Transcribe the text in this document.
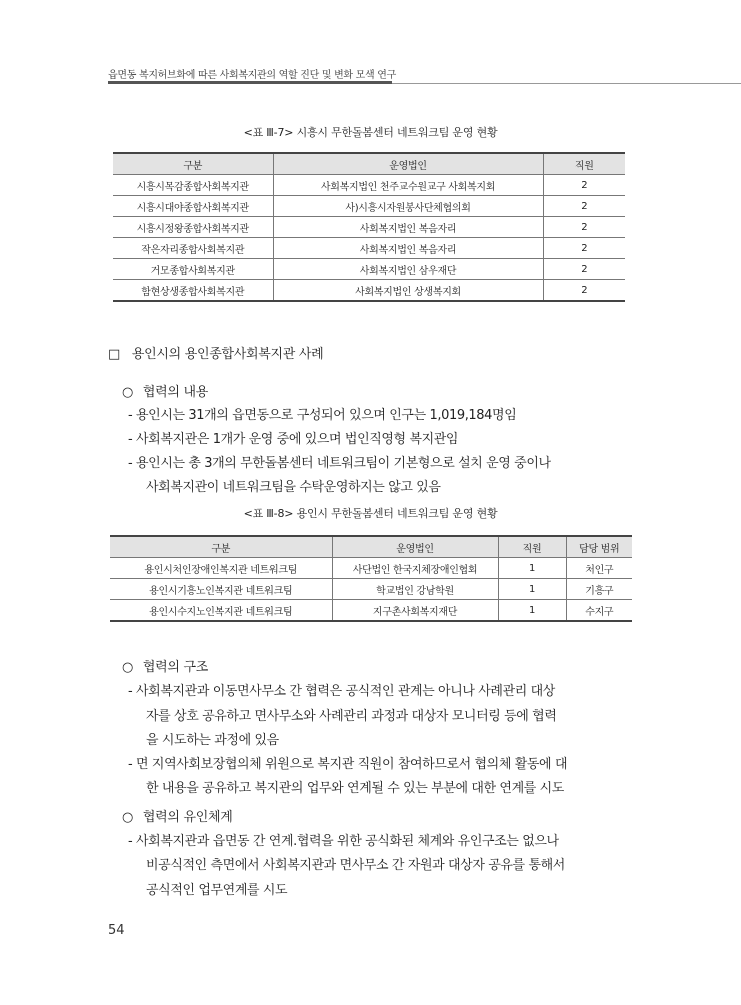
읍면동 복지허브화에 따른 사회복지관의 역할 진단 및 변화 모색 연구
<표 Ⅲ-7> 시흥시 무한돌봄센터 네트워크팀 운영 현황
구분	운영법인	직원
시흥시목감종합사회복지관	사회복지법인 천주교수원교구 사회복지회	2
시흥시대야종합사회복지관	사)시흥시자원봉사단체협의회	2
시흥시정왕종합사회복지관	사회복지법인 복음자리	2
작은자리종합사회복지관	사회복지법인 복음자리	2
거모종합사회복지관	사회복지법인 삼우재단	2
함현상생종합사회복지관	사회복지법인 상생복지회	2
□ 용인시의 용인종합사회복지관 사례
○ 협력의 내용
- 용인시는 31개의 읍면동으로 구성되어 있으며 인구는 1,019,184명임
- 사회복지관은 1개가 운영 중에 있으며 법인직영형 복지관임
- 용인시는 총 3개의 무한돌봄센터 네트워크팀이 기본형으로 설치 운영 중이나
사회복지관이 네트워크팀을 수탁운영하지는 않고 있음
<표 Ⅲ-8> 용인시 무한돌봄센터 네트워크팀 운영 현황
구분	운영법인	직원	담당 범위
용인시처인장애인복지관 네트워크팀	사단법인 한국지체장애인협회	1	처인구
용인시기흥노인복지관 네트워크팀	학교법인 강남학원	1	기흥구
용인시수지노인복지관 네트워크팀	지구촌사회복지재단	1	수지구
○ 협력의 구조
- 사회복지관과 이동면사무소 간 협력은 공식적인 관계는 아니나 사례관리 대상
자를 상호 공유하고 면사무소와 사례관리 과정과 대상자 모니터링 등에 협력
을 시도하는 과정에 있음
- 면 지역사회보장협의체 위원으로 복지관 직원이 참여하므로서 협의체 활동에 대
한 내용을 공유하고 복지관의 업무와 연계될 수 있는 부분에 대한 연계를 시도
○ 협력의 유인체계
- 사회복지관과 읍면동 간 연계.협력을 위한 공식화된 체계와 유인구조는 없으나
비공식적인 측면에서 사회복지관과 면사무소 간 자원과 대상자 공유를 통해서
공식적인 업무연계를 시도
54
